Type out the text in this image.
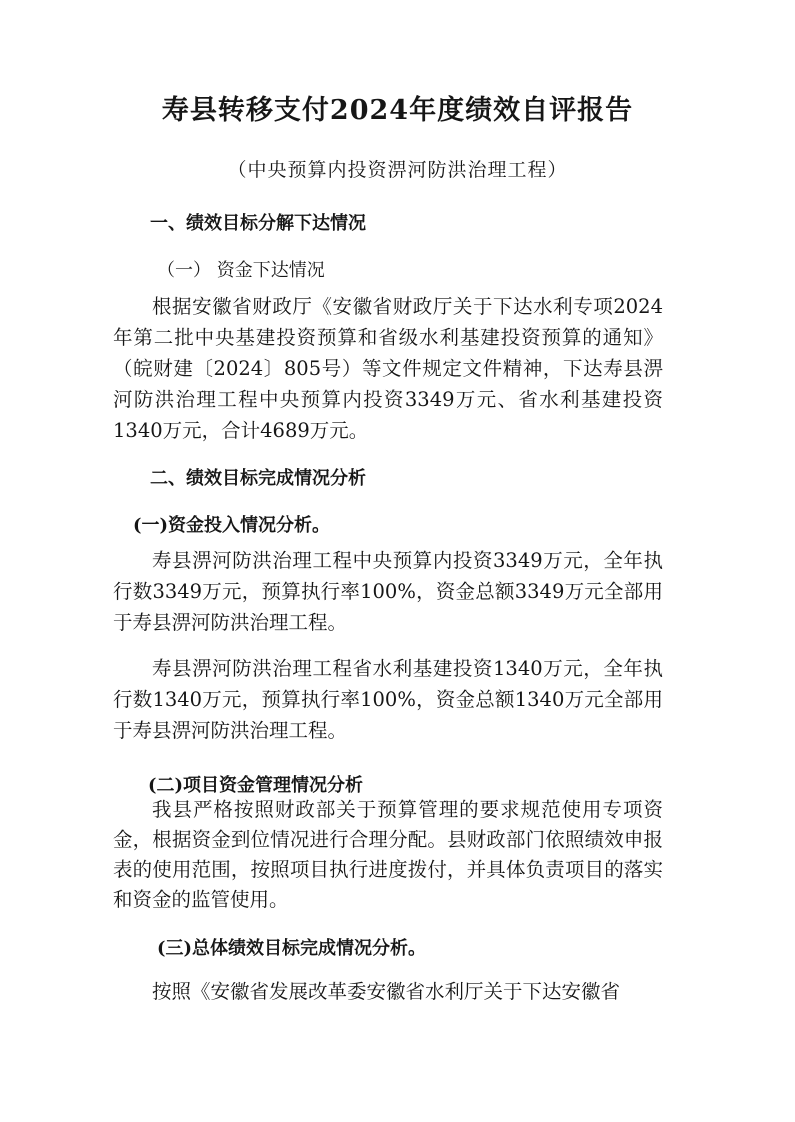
寿县转移支付2024年度绩效自评报告
（中央预算内投资淠河防洪治理工程）
一、绩效目标分解下达情况
（一） 资金下达情况

根据安徽省财政厅《安徽省财政厅关于下达水利专项2024年第二批中央基建投资预算和省级水利基建投资预算的通知》（皖财建〔2024〕805号）等文件规定文件精神，下达寿县淠河防洪治理工程中央预算内投资3349万元、省水利基建投资1340万元，合计4689万元。

二、绩效目标完成情况分析
(一)资金投入情况分析。

寿县淠河防洪治理工程中央预算内投资3349万元，全年执行数3349万元，预算执行率100%，资金总额3349万元全部用于寿县淠河防洪治理工程。

寿县淠河防洪治理工程省水利基建投资1340万元，全年执行数1340万元，预算执行率100%，资金总额1340万元全部用于寿县淠河防洪治理工程。

(二)项目资金管理情况分析

我县严格按照财政部关于预算管理的要求规范使用专项资金，根据资金到位情况进行合理分配。县财政部门依照绩效申报表的使用范围，按照项目执行进度拨付，并具体负责项目的落实和资金的监管使用。

(三)总体绩效目标完成情况分析。

按照《安徽省发展改革委安徽省水利厅关于下达安徽省
